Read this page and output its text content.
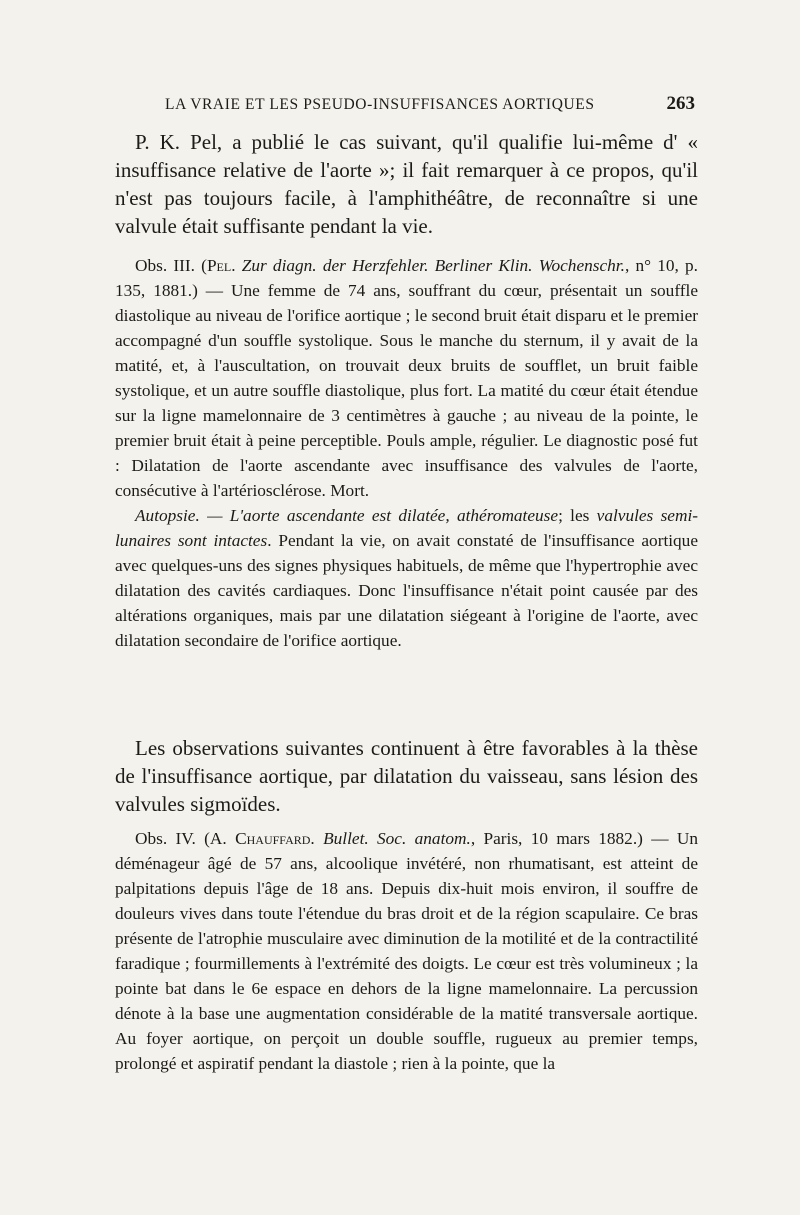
LA VRAIE ET LES PSEUDO-INSUFFISANCES AORTIQUES	263

P. K. Pel, a publié le cas suivant, qu'il qualifie lui-même d' « insuffisance relative de l'aorte »; il fait remarquer à ce propos, qu'il n'est pas toujours facile, à l'amphithéâtre, de reconnaître si une valvule était suffisante pendant la vie.

Obs. III. (Pel. Zur diagn. der Herzfehler. Berliner Klin. Wochenschr., n° 10, p. 135, 1881.) — Une femme de 74 ans, souffrant du cœur, présentait un souffle diastolique au niveau de l'orifice aortique ; le second bruit était disparu et le premier accompagné d'un souffle systolique. Sous le manche du sternum, il y avait de la matité, et, à l'auscultation, on trouvait deux bruits de soufflet, un bruit faible systolique, et un autre souffle diastolique, plus fort. La matité du cœur était étendue sur la ligne mamelonnaire de 3 centimètres à gauche ; au niveau de la pointe, le premier bruit était à peine perceptible. Pouls ample, régulier. Le diagnostic posé fut : Dilatation de l'aorte ascendante avec insuffisance des valvules de l'aorte, consécutive à l'artériosclérose. Mort.

Autopsie. — L'aorte ascendante est dilatée, athéromateuse; les valvules semi-lunaires sont intactes. Pendant la vie, on avait constaté de l'insuffisance aortique avec quelques-uns des signes physiques habituels, de même que l'hypertrophie avec dilatation des cavités cardiaques. Donc l'insuffisance n'était point causée par des altérations organiques, mais par une dilatation siégeant à l'origine de l'aorte, avec dilatation secondaire de l'orifice aortique.

Les observations suivantes continuent à être favorables à la thèse de l'insuffisance aortique, par dilatation du vaisseau, sans lésion des valvules sigmoïdes.

Obs. IV. (A. Chauffard. Bullet. Soc. anatom., Paris, 10 mars 1882.) — Un déménageur âgé de 57 ans, alcoolique invétéré, non rhumatisant, est atteint de palpitations depuis l'âge de 18 ans. Depuis dix-huit mois environ, il souffre de douleurs vives dans toute l'étendue du bras droit et de la région scapulaire. Ce bras présente de l'atrophie musculaire avec diminution de la motilité et de la contractilité faradique ; fourmillements à l'extrémité des doigts. Le cœur est très volumineux ; la pointe bat dans le 6e espace en dehors de la ligne mamelonnaire. La percussion dénote à la base une augmentation considérable de la matité transversale aortique. Au foyer aortique, on perçoit un double souffle, rugueux au premier temps, prolongé et aspiratif pendant la diastole ; rien à la pointe, que la
